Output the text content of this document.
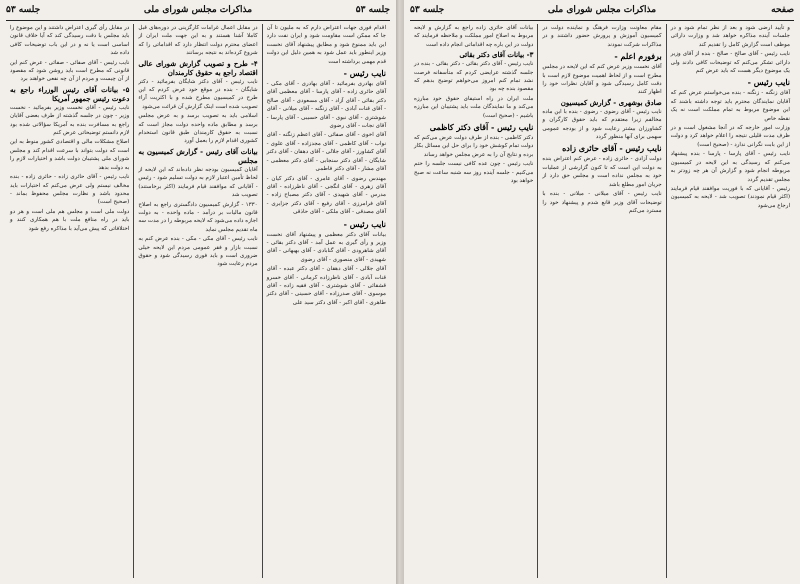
جلسه ۵۳	مذاکرات مجلس شورای ملی	جلسه ۵۳

اقدام فوری جهات اعتراض دارم که به ملیون تا آن جا که ممکن است مقاومت شود و ایران نفت دارد این باید ممنوع شود و مطابق پیشنهاد آقای نخست وزیر اینطور باید عمل شود به همین دلیل این دولت قدم مهمی برداشته است

نایب رئیس -

آقای بهادری بفرمائید - آقای بهادری - آقای مکی - آقای حائری زاده - آقای پارسا - آقای معظمی آقای دکتر بقائی - آقای آزاد - آقای مسعودی - آقای صالح - آقای قنات آبادی - آقای زنگنه - آقای میلانی - آقای شوشتری - آقای نبوی - آقای حسیبی - آقای پارسا - آقای نجات - آقای رضوی

آقای اخوی - آقای صفائی - آقای اعظم زنگنه - آقای نواب - آقای کاظمی - آقای مجدزاده - آقای علوی - آقای کشاورز - آقای جلالی - آقای دهقان - آقای دکتر شایگان - آقای دکتر سنجابی - آقای دکتر معظمی - آقای مشار - آقای دکتر فاطمی

مهندس رضوی - آقای عامری - آقای دکتر کیان - آقای زهری - آقای انگجی - آقای ناظرزاده - آقای مدرس - آقای شهیدی - آقای دکتر مصباح زاده - آقای فرامرزی - آقای رفیع - آقای دکتر جزایری - آقای مصدقی - آقای ملکی - آقای حاذقی

نایب رئیس -

بیانات آقای دکتر معظمی و پیشنهاد آقای نخست وزیر و رأی گیری به عمل آمد - آقای دکتر بقائی - آقای شاهرودی - آقای گنابادی - آقای بهبهانی - آقای شهیدی - آقای منصوری - آقای رضوی

آقای جلالی - آقای دهقان - آقای دکتر عبده - آقای قنات آبادی - آقای ناظرزاده کرمانی - آقای خسرو قشقائی - آقای شوشتری - آقای فقیه زاده - آقای موسوی - آقای صدرزاده - آقای حسینی - آقای دکتر طاهری - آقای اکبر - آقای دکتر سید علی

در مقابل اعمال غرامات کارگزینی در دوره‌های قبل کاملا آشنا هستند و به این جهت ملت ایران از اعضای محترم دولت انتظار دارد که اقداماتی را که شروع کرده‌اند به نتیجه برسانند

۴- طرح و تصویب گزارش شورای عالی اقتصاد راجع به حقوق کارمندان

نایب رئیس - آقای دکتر شایگان بفرمائید - دکتر شایگان - بنده در موقع خود عرض کردم که این طرح در کمیسیون مطرح شده و با اکثریت آراء تصویب شده است اینک گزارش آن قرائت می‌شود

اسلامی باید به تصویب برسد و به عرض مجلس برسد و مطابق ماده واحده دولت مجاز است که نسبت به حقوق کارمندان طبق قانون استخدام کشوری اقدام لازم را بعمل آورد

بیانات آقای رئیس - گزارش کمیسیون به مجلس

آقایان کمیسیون بودجه نظر داده‌اند که این لایحه از لحاظ تأمین اعتبار لازم به دولت تسلیم شود - رئیس - آقایانی که موافقند قیام فرمایند (اکثر برخاستند) تصویب شد

۱۳۳۰ - گزارش کمیسیون دادگستری راجع به اصلاح قانون مالیات بر درآمد - ماده واحده - به دولت اجازه داده می‌شود که لایحه مربوطه را در مدت سه ماه تقدیم مجلس نماید

نایب رئیس - آقای مکی - مکی - بنده عرض کنم به نسبت بازار و فقر عمومی مردم این لایحه خیلی ضروری است و باید فوری رسیدگی شود و حقوق مردم رعایت شود

در مقابل رأی گیری اعتراض داشتند و این موضوع را باید مجلس با دقت رسیدگی کند که آیا خلاف قانون اساسی است یا نه و در این باب توضیحات کافی داده شد

نایب رئیس - آقای صفائی - صفائی - عرض کنم این قانونی که مطرح است باید روشن شود که مقصود از آن چیست و مردم از آن چه نفعی خواهند برد

۵- بیانات آقای رئیس الوزراء راجع به دعوت رئیس جمهور آمریکا

نایب رئیس - آقای نخست وزیر بفرمائید - نخست وزیر - چون در جلسه گذشته از طرف بعضی آقایان راجع به مسافرت بنده به آمریکا سؤالاتی شده بود لازم دانستم توضیحاتی عرض کنم

اصلاح مشکلات مالی و اقتصادی کشور منوط به این است که دولت بتواند با سرعت اقدام کند و مجلس شورای ملی پشتیبان دولت باشد و اختیارات لازم را به دولت بدهد

نایب رئیس - آقای حائری زاده - حائری زاده - بنده مخالف نیستم ولی عرض می‌کنم که اختیارات باید محدود باشد و نظارت مجلس محفوظ بماند - (صحیح است)

دولت ملی است و مجلس هم ملی است و هر دو باید در راه منافع ملت با هم همکاری کنند و اختلافاتی که پیش می‌آید با مذاکره رفع شود

صفحه
مذاکرات مجلس شورای ملی
جلسه ۵۳

و تأیید ارضی شود و بعد از نظر تمام شود و در جلسات آینده مذاکره خواهد شد و وزارت دارائی موظف است گزارش کامل را تقدیم کند

نایب رئیس - آقای صالح - صالح - بنده از آقای وزیر دارائی تشکر می‌کنم که توضیحات کافی دادند ولی یک موضوع دیگر هست که باید عرض کنم

نایب رئیس -

آقای زنگنه - زنگنه - بنده می‌خواستم عرض کنم که آقایان نمایندگان محترم باید توجه داشته باشند که این موضوع مربوط به تمام مملکت است نه یک نقطه خاص

وزارت امور خارجه که در آنجا مشغول است و در ظرف مدت قلیلی نتیجه را اعلام خواهد کرد و دولت از این بابت نگرانی ندارد - (صحیح است)

نایب رئیس - آقای پارسا - پارسا - بنده پیشنهاد می‌کنم که رسیدگی به این لایحه در کمیسیون مربوطه انجام شود و گزارش آن هر چه زودتر به مجلس تقدیم گردد

رئیس - آقایانی که با فوریت موافقند قیام فرمایند (اکثر قیام نمودند) تصویب شد - لایحه به کمیسیون ارجاع می‌شود

مقام معاونت وزارت فرهنگ و نماینده دولت در کمیسیون آموزش و پرورش حضور داشتند و در مذاکرات شرکت نمودند

برفورم اعلم -

آقای نخست وزیر عرض کنم که این لایحه در مجلس مطرح است و از لحاظ اهمیت موضوع لازم است با دقت کامل رسیدگی شود و آقایان نظرات خود را اظهار کنند

صادق بوشهری - گزارش کمیسیون

نایب رئیس - آقای رضوی - رضوی - بنده با این ماده مخالفم زیرا معتقدم که باید حقوق کارگران و کشاورزان بیشتر رعایت شود و از بودجه عمومی سهمی برای آنها منظور گردد

نایب رئیس - آقای حائری زاده

دولت آزادی - حائری زاده - عرض کنم اعتراض بنده به دولت این است که تا کنون گزارشی از عملیات خود به مجلس نداده است و مجلس حق دارد از جریان امور مطلع باشد

نایب رئیس - آقای میلانی - میلانی - بنده با توضیحات آقای وزیر قانع شدم و پیشنهاد خود را مسترد می‌کنم

بیانات آقای حائری زاده راجع به گزارش و لایحه مربوط به اصلاح امور مملکت و ملاحظه فرمایند که دولت در این باره چه اقداماتی انجام داده است

۳- بیانات آقای دکتر بقائی

نایب رئیس - آقای دکتر بقائی - دکتر بقائی - بنده در جلسه گذشته عرایضی کردم که متأسفانه فرصت نشد تمام کنم امروز می‌خواهم توضیح بدهم که مقصود بنده چه بود

ملت ایران در راه استیفای حقوق خود مبارزه می‌کند و ما نمایندگان ملت باید پشتیبان این مبارزه باشیم - (صحیح است)

نایب رئیس - آقای دکتر کاظمی

دکتر کاظمی - بنده از طرف دولت عرض می‌کنم که دولت تمام کوشش خود را برای حل این مسائل بکار برده و نتایج آن را به عرض مجلس خواهد رساند

نایب رئیس - چون عده کافی نیست جلسه را ختم می‌کنیم - جلسه آینده روز سه شنبه ساعت نه صبح خواهد بود
